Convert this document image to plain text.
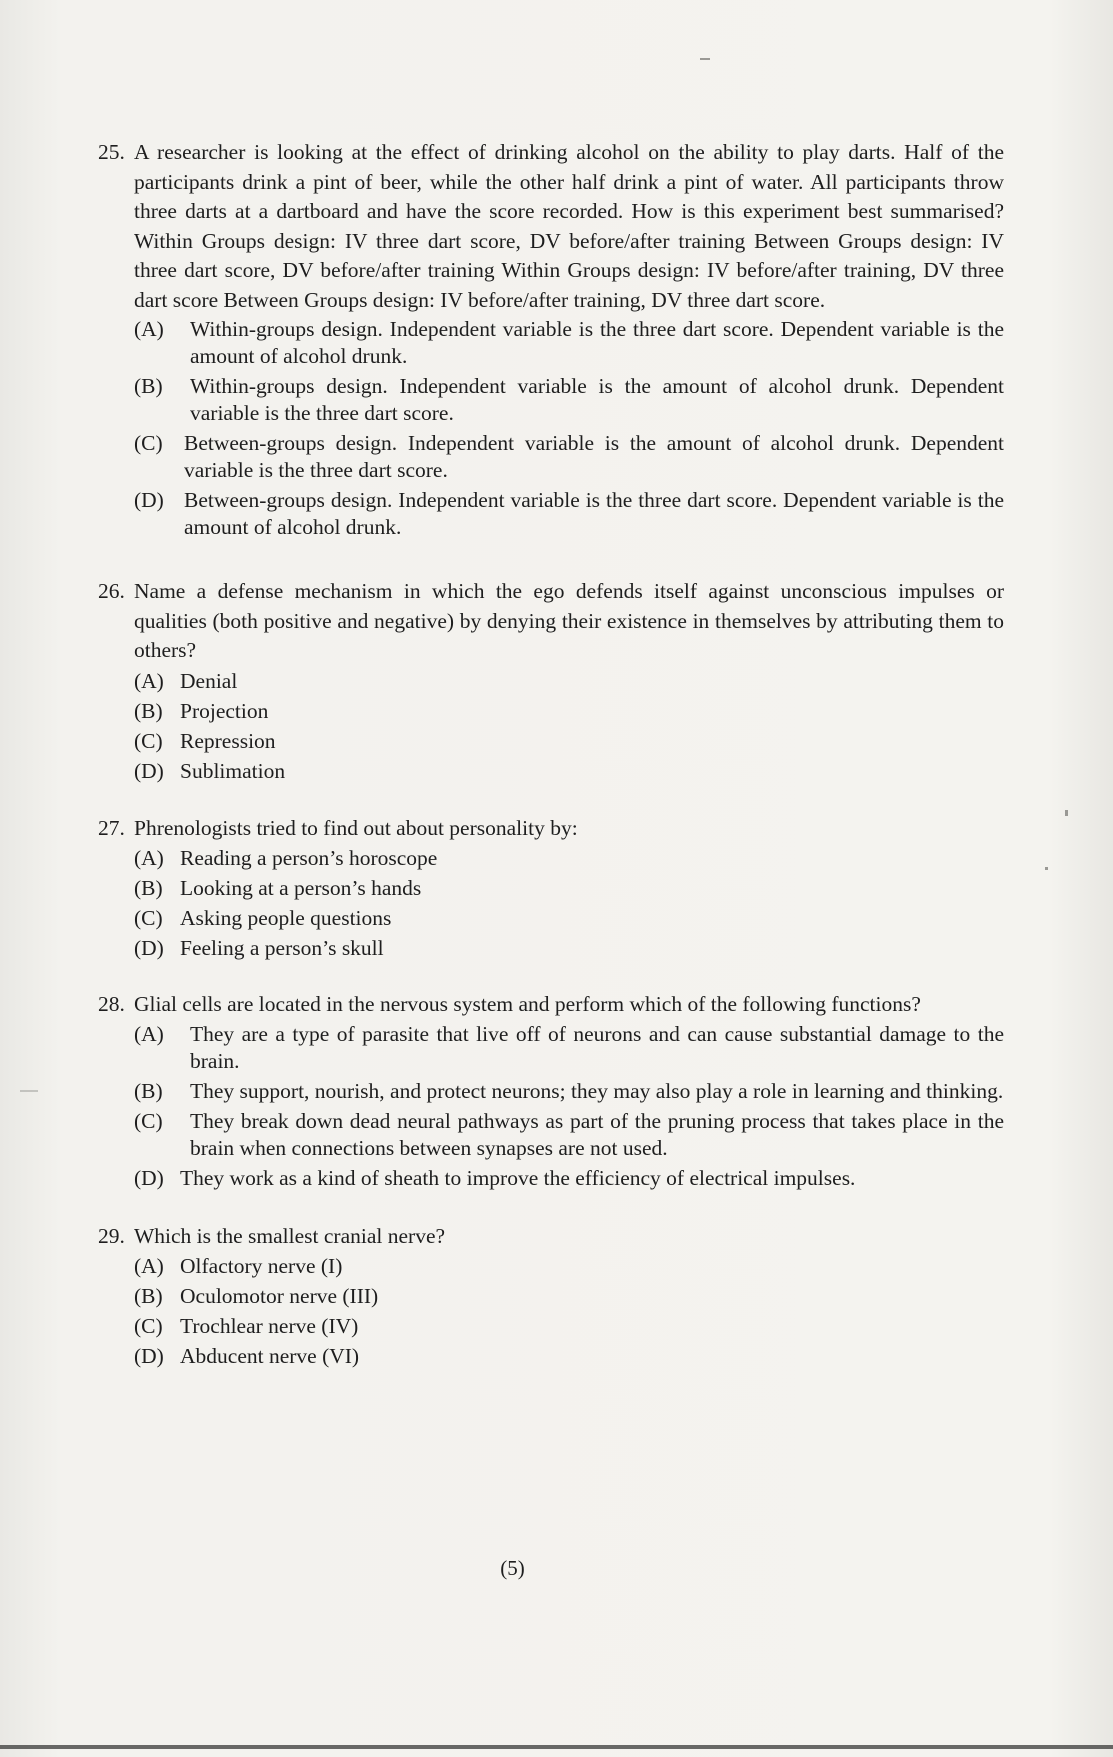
25. A researcher is looking at the effect of drinking alcohol on the ability to play darts. Half of the participants drink a pint of beer, while the other half drink a pint of water. All participants throw three darts at a dartboard and have the score recorded. How is this experiment best summarised? Within Groups design: IV three dart score, DV before/after training Between Groups design: IV three dart score, DV before/after training Within Groups design: IV before/after training, DV three dart score Between Groups design: IV before/after training, DV three dart score.
(A) Within-groups design. Independent variable is the three dart score. Dependent variable is the amount of alcohol drunk.
(B) Within-groups design. Independent variable is the amount of alcohol drunk. Dependent variable is the three dart score.
(C) Between-groups design. Independent variable is the amount of alcohol drunk. Dependent variable is the three dart score.
(D) Between-groups design. Independent variable is the three dart score. Dependent variable is the amount of alcohol drunk.
26. Name a defense mechanism in which the ego defends itself against unconscious impulses or qualities (both positive and negative) by denying their existence in themselves by attributing them to others?
(A) Denial
(B) Projection
(C) Repression
(D) Sublimation
27. Phrenologists tried to find out about personality by:
(A) Reading a person’s horoscope
(B) Looking at a person’s hands
(C) Asking people questions
(D) Feeling a person’s skull
28. Glial cells are located in the nervous system and perform which of the following functions?
(A) They are a type of parasite that live off of neurons and can cause substantial damage to the brain.
(B) They support, nourish, and protect neurons; they may also play a role in learning and thinking.
(C) They break down dead neural pathways as part of the pruning process that takes place in the brain when connections between synapses are not used.
(D) They work as a kind of sheath to improve the efficiency of electrical impulses.
29. Which is the smallest cranial nerve?
(A) Olfactory nerve (I)
(B) Oculomotor nerve (III)
(C) Trochlear nerve (IV)
(D) Abducent nerve (VI)
(5)
